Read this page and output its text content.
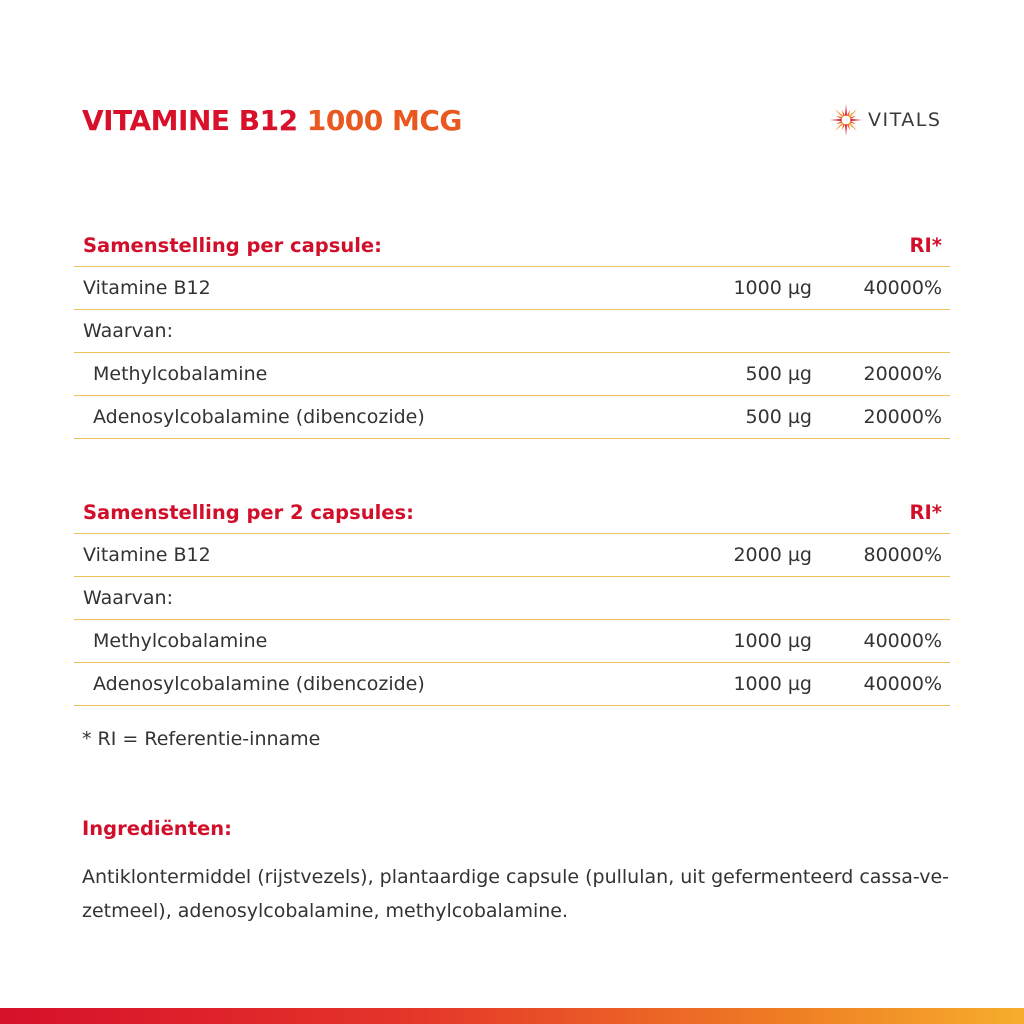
VITAMINE B12 1000 MCG	VITALS
Samenstelling per capsule:	RI*
Vitamine B12	1000 µg	40000%
Waarvan:
Methylcobalamine	500 µg	20000%
Adenosylcobalamine (dibencozide)	500 µg	20000%
Samenstelling per 2 capsules:	RI*
Vitamine B12	2000 µg	80000%
Waarvan:
Methylcobalamine	1000 µg	40000%
Adenosylcobalamine (dibencozide)	1000 µg	40000%
* RI = Referentie-inname
Ingrediënten:

Antiklontermiddel (rijstvezels), plantaardige capsule (pullulan, uit gefermenteerd cassa-ve-zetmeel), adenosylcobalamine, methylcobalamine.
